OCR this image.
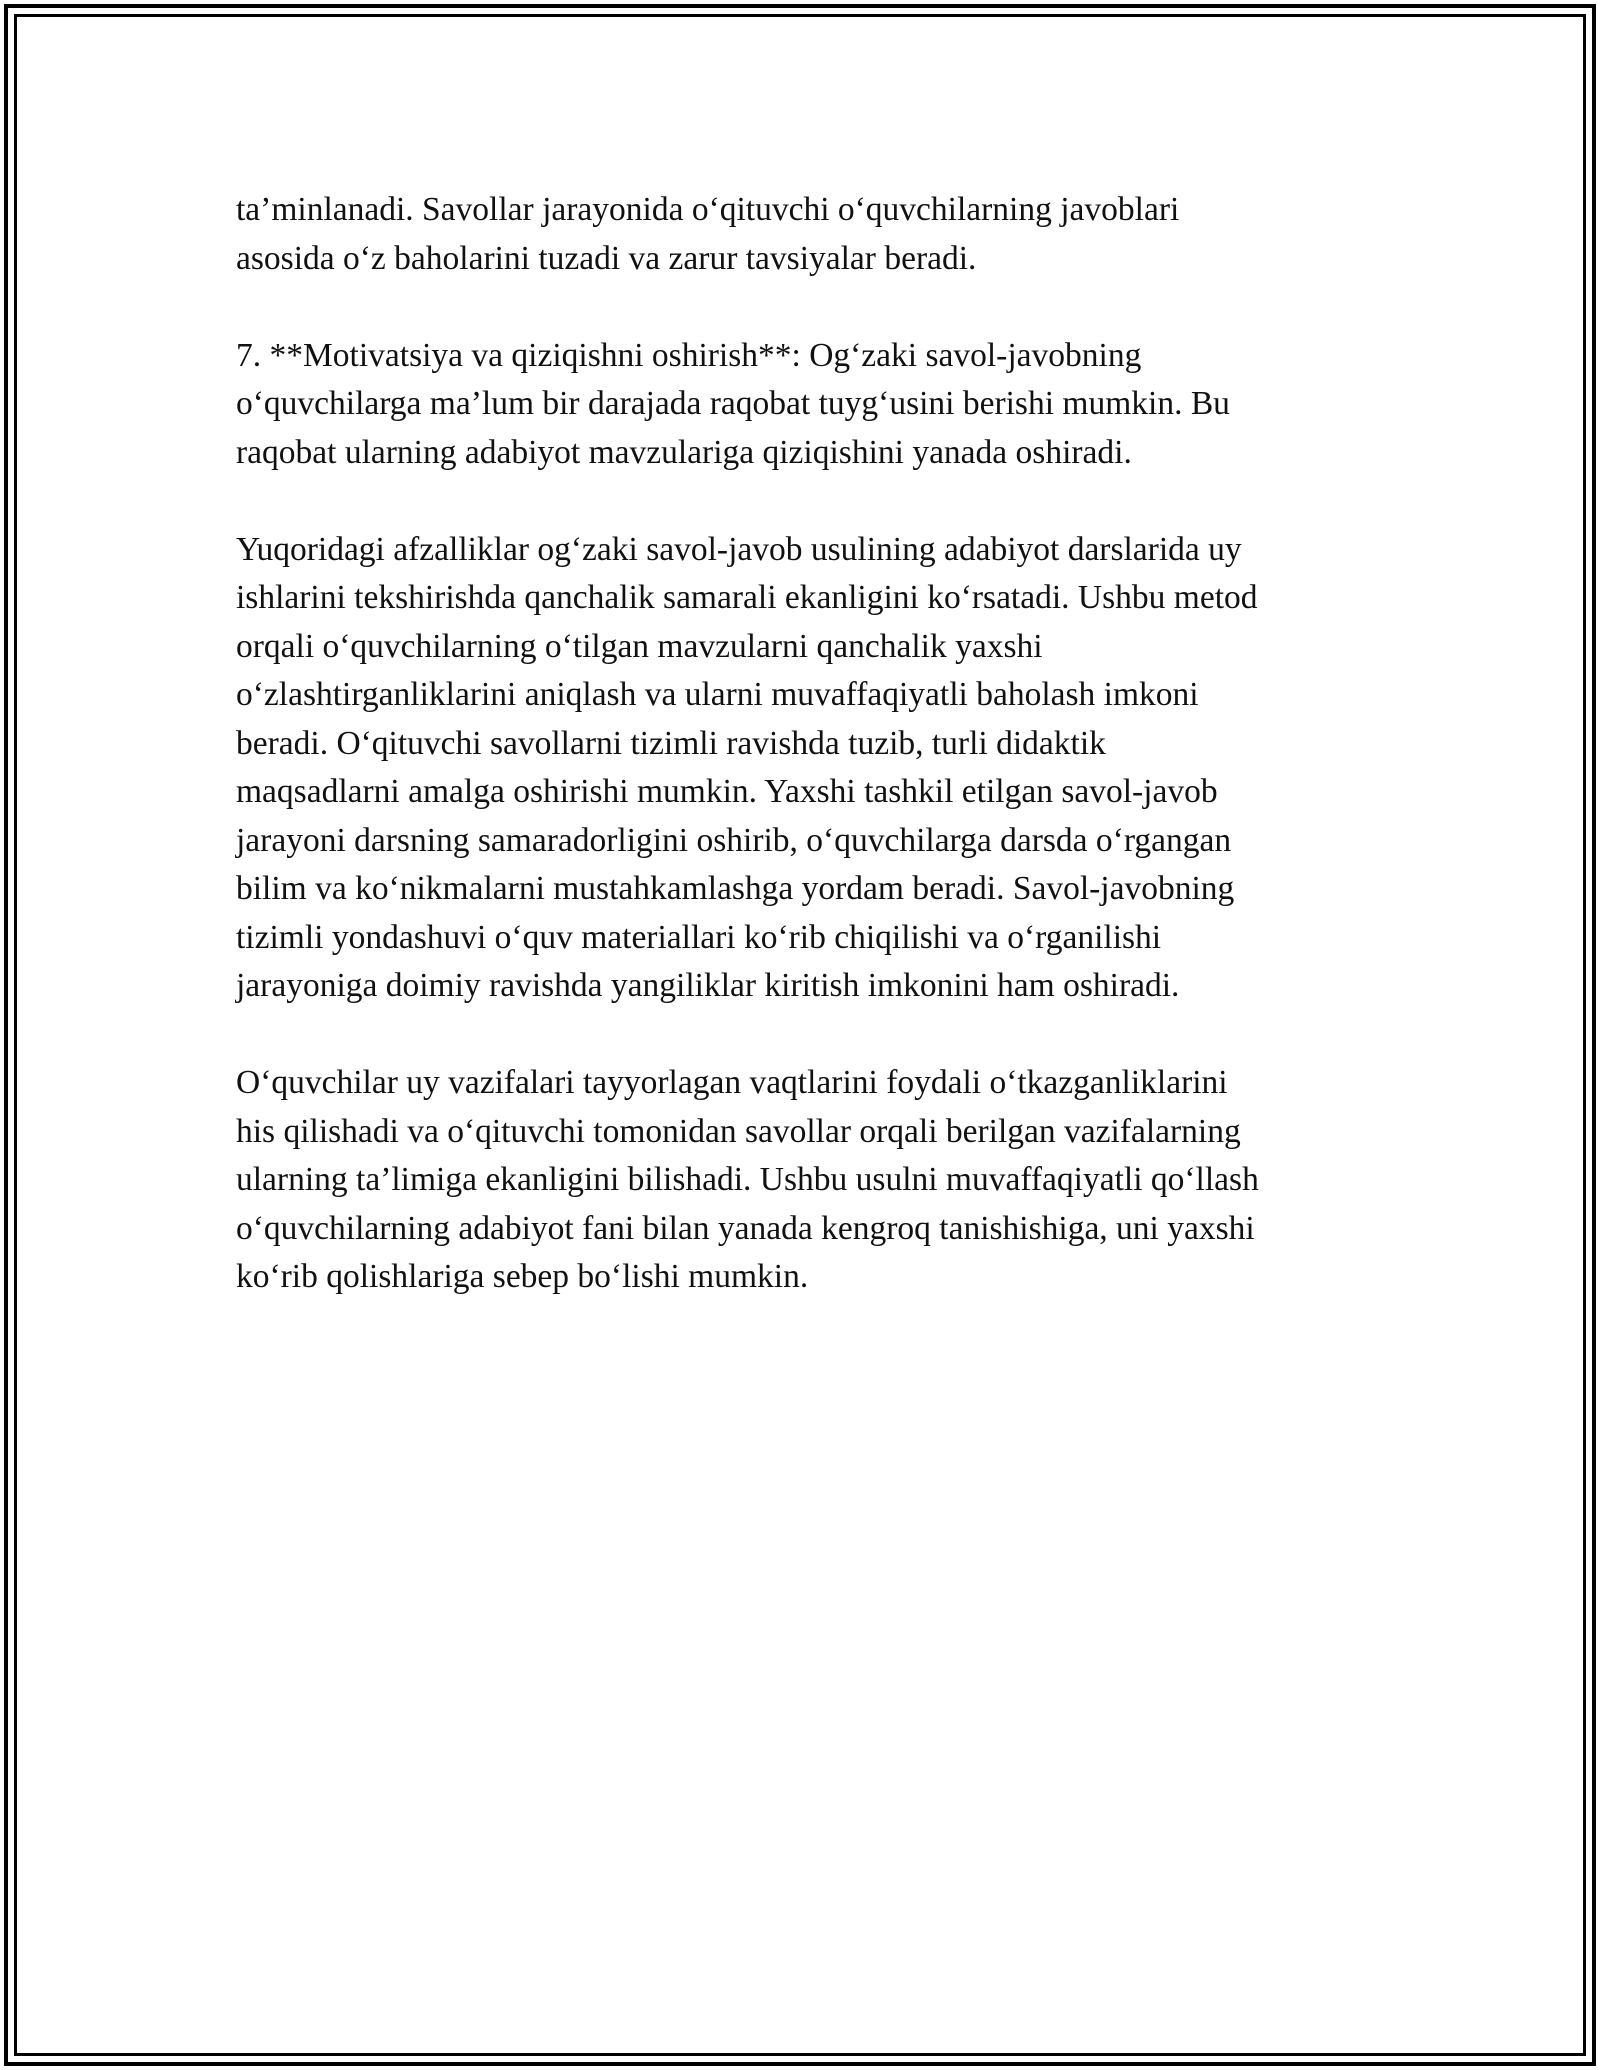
ta’minlanadi. Savollar jarayonida o‘qituvchi o‘quvchilarning javoblari
asosida o‘z baholarini tuzadi va zarur tavsiyalar beradi.

7. **Motivatsiya va qiziqishni oshirish**: Og‘zaki savol-javobning
o‘quvchilarga ma’lum bir darajada raqobat tuyg‘usini berishi mumkin. Bu
raqobat ularning adabiyot mavzulariga qiziqishini yanada oshiradi.

Yuqoridagi afzalliklar og‘zaki savol-javob usulining adabiyot darslarida uy
ishlarini tekshirishda qanchalik samarali ekanligini ko‘rsatadi. Ushbu metod
orqali o‘quvchilarning o‘tilgan mavzularni qanchalik yaxshi
o‘zlashtirganliklarini aniqlash va ularni muvaffaqiyatli baholash imkoni
beradi. O‘qituvchi savollarni tizimli ravishda tuzib, turli didaktik
maqsadlarni amalga oshirishi mumkin. Yaxshi tashkil etilgan savol-javob
jarayoni darsning samaradorligini oshirib, o‘quvchilarga darsda o‘rgangan
bilim va ko‘nikmalarni mustahkamlashga yordam beradi. Savol-javobning
tizimli yondashuvi o‘quv materiallari ko‘rib chiqilishi va o‘rganilishi
jarayoniga doimiy ravishda yangiliklar kiritish imkonini ham oshiradi.

O‘quvchilar uy vazifalari tayyorlagan vaqtlarini foydali o‘tkazganliklarini
his qilishadi va o‘qituvchi tomonidan savollar orqali berilgan vazifalarning
ularning ta’limiga ekanligini bilishadi. Ushbu usulni muvaffaqiyatli qo‘llash
o‘quvchilarning adabiyot fani bilan yanada kengroq tanishishiga, uni yaxshi
ko‘rib qolishlariga sebep bo‘lishi mumkin.
